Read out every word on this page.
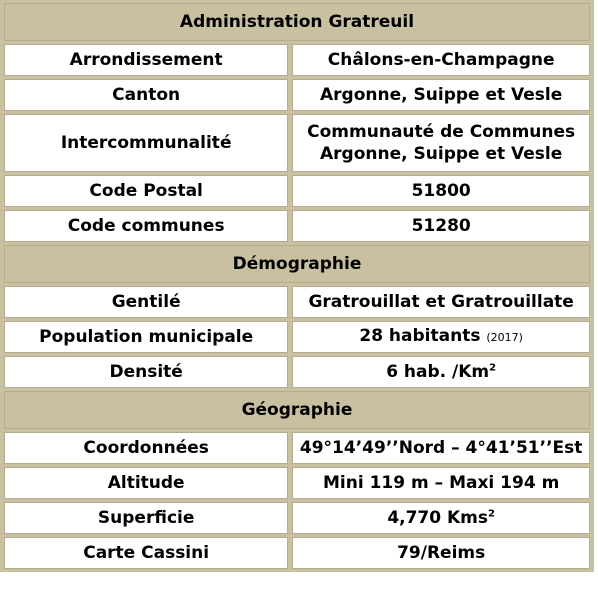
Administration Gratreuil	
Arrondissement	Châlons-en-Champagne
Canton	Argonne, Suippe et Vesle
Intercommunalité	Communauté de Communes
Argonne, Suippe et Vesle
Code Postal	51800
Code communes	51280
Démographie	
Gentilé	Gratrouillat et Gratrouillate
Population municipale	28 habitants (2017)
Densité	6 hab. /Km$^2$
Géographie	
Coordonnées	49°14’49’’Nord – 4°41’51’’Est
Altitude	Mini 119 m – Maxi 194 m
Superficie	4,770 Kms$^2$
Carte Cassini	79/Reims
